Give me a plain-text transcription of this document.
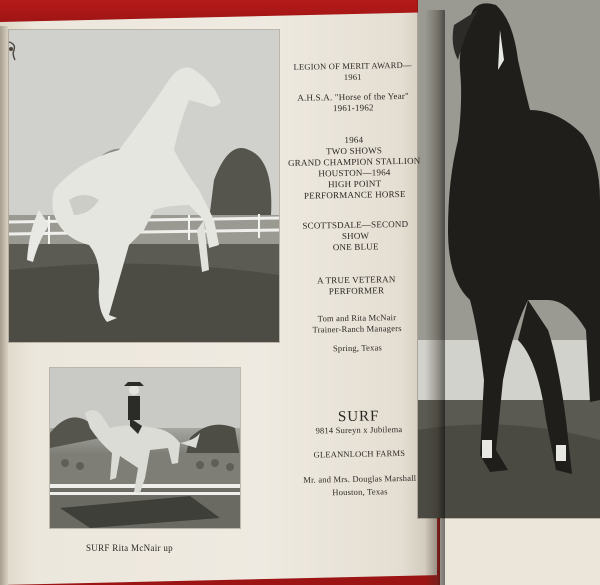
LEGION OF MERIT AWARD—1961
A.H.S.A. "Horse of the Year"
1961-1962
1964
TWO SHOWS
GRAND CHAMPION STALLION
HOUSTON—1964
HIGH POINT
PERFORMANCE HORSE
SCOTTSDALE—SECOND SHOW
ONE BLUE
A TRUE VETERAN
PERFORMER
Tom and Rita McNair
Trainer-Ranch Managers
Spring, Texas
SURF
9814 Sureyn x Jubilema
GLEANNLOCH FARMS
Mr. and Mrs. Douglas Marshall
Houston, Texas
SURF Rita McNair up
